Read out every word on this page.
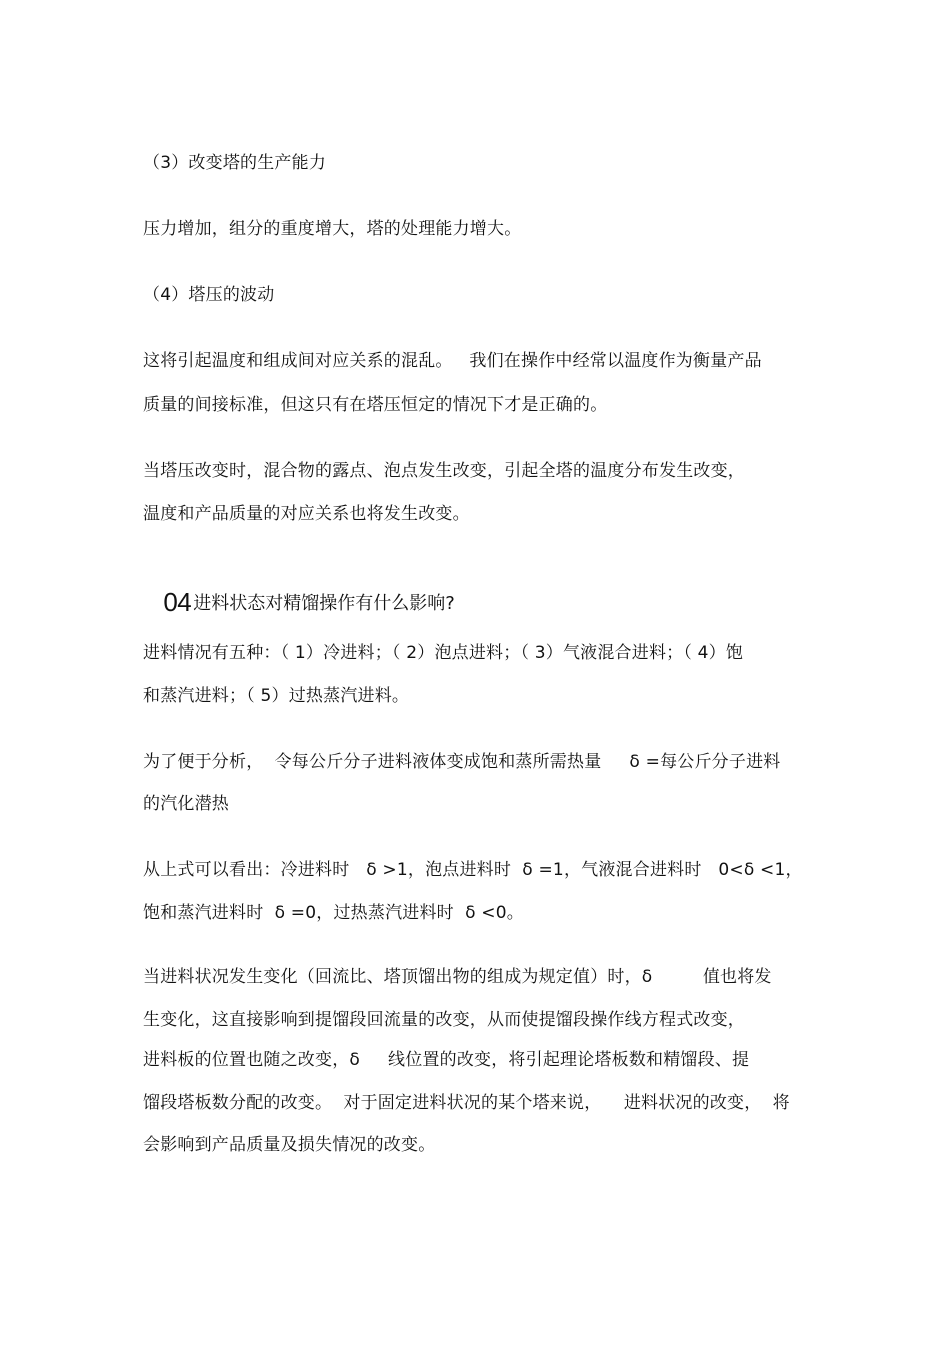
（3）改变塔的生产能力
压力增加，组分的重度增大，塔的处理能力增大。
（4）塔压的波动
这将引起温度和组成间对应关系的混乱。   我们在操作中经常以温度作为衡量产品
质量的间接标准，但这只有在塔压恒定的情况下才是正确的。
当塔压改变时，混合物的露点、泡点发生改变，引起全塔的温度分布发生改变，
温度和产品质量的对应关系也将发生改变。

04 进料状态对精馏操作有什么影响?

进料情况有五种：（ 1）冷进料；（ 2）泡点进料；（ 3）气液混合进料；（ 4）饱
和蒸汽进料；（ 5）过热蒸汽进料。
为了便于分析，  令每公斤分子进料液体变成饱和蒸所需热量     δ =每公斤分子进料
的汽化潜热
从上式可以看出：冷进料时   δ >1，泡点进料时  δ =1，气液混合进料时   0<δ <1，
饱和蒸汽进料时  δ =0，过热蒸汽进料时  δ <0。
当进料状况发生变化（回流比、塔顶馏出物的组成为规定值）时，δ         值也将发
生变化，这直接影响到提馏段回流量的改变，从而使提馏段操作线方程式改变，
进料板的位置也随之改变，δ     线位置的改变，将引起理论塔板数和精馏段、提
馏段塔板数分配的改变。  对于固定进料状况的某个塔来说，    进料状况的改变，  将
会影响到产品质量及损失情况的改变。
